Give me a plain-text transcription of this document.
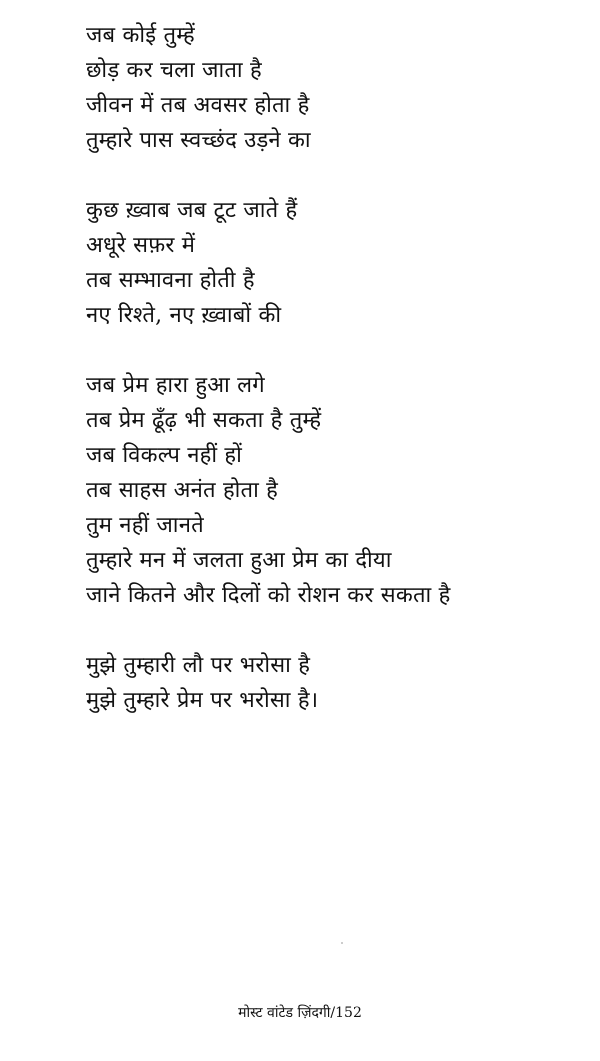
जब कोई तुम्हें
छोड़ कर चला जाता है
जीवन में तब अवसर होता है
तुम्हारे पास स्वच्छंद उड़ने का
कुछ ख़्वाब जब टूट जाते हैं
अधूरे सफ़र में
तब सम्भावना होती है
नए रिश्ते, नए ख़्वाबों की
जब प्रेम हारा हुआ लगे
तब प्रेम ढूँढ़ भी सकता है तुम्हें
जब विकल्प नहीं हों
तब साहस अनंत होता है
तुम नहीं जानते
तुम्हारे मन में जलता हुआ प्रेम का दीया
जाने कितने और दिलों को रोशन कर सकता है
मुझे तुम्हारी लौ पर भरोसा है
मुझे तुम्हारे प्रेम पर भरोसा है।
मोस्ट वांटेड ज़िंदगी/152
